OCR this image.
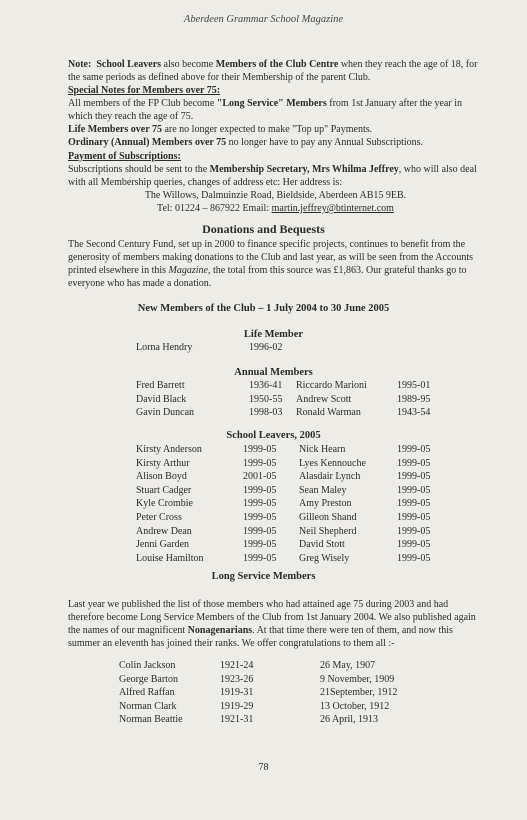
Aberdeen Grammar School Magazine
Note: School Leavers also become Members of the Club Centre when they reach the age of 18, for the same periods as defined above for their Membership of the parent Club.
Special Notes for Members over 75:
All members of the FP Club become "Long Service" Members from 1st January after the year in which they reach the age of 75.
Life Members over 75 are no longer expected to make "Top up" Payments.
Ordinary (Annual) Members over 75 no longer have to pay any Annual Subscriptions.
Payment of Subscriptions:
Subscriptions should be sent to the Membership Secretary, Mrs Whilma Jeffrey, who will also deal with all Membership queries, changes of address etc: Her address is:
The Willows, Dalmuinzie Road, Bieldside, Aberdeen AB15 9EB.
Tel: 01224 – 867922 Email: martin.jeffrey@btinternet.com
Donations and Bequests
The Second Century Fund, set up in 2000 to finance specific projects, continues to benefit from the generosity of members making donations to the Club and last year, as will be seen from the Accounts printed elsewhere in this Magazine, the total from this source was £1,863. Our grateful thanks go to everyone who has made a donation.
New Members of the Club – 1 July 2004 to 30 June 2005
Life Member
Lorna Hendry	1996-02
Annual Members
Fred Barrett	1936-41 Riccardo Marioni	1995-01
David Black	1950-55 Andrew Scott	1989-95
Gavin Duncan	1998-03 Ronald Warman	1943-54
School Leavers, 2005
Kirsty Anderson	1999-05 Nick Hearn	1999-05
Kirsty Arthur	1999-05 Lyes Kennouche	1999-05
Alison Boyd	2001-05 Alasdair Lynch	1999-05
Stuart Cadger	1999-05 Sean Maley	1999-05
Kyle Crombie	1999-05 Amy Preston	1999-05
Peter Cross	1999-05 Gilleon Shand	1999-05
Andrew Dean	1999-05 Neil Shepherd	1999-05
Jenni Garden	1999-05 David Stott	1999-05
Louise Hamilton	1999-05 Greg Wisely	1999-05
Long Service Members
Last year we published the list of those members who had attained age 75 during 2003 and had therefore become Long Service Members of the Club from 1st January 2004. We also published again the names of our magnificent Nonagenarians. At that time there were ten of them, and now this summer an eleventh has joined their ranks. We offer congratulations to them all :-
Colin Jackson	1921-24	26 May, 1907
George Barton	1923-26	9 November, 1909
Alfred Raffan	1919-31	21September, 1912
Norman Clark	1919-29	13 October, 1912
Norman Beattie	1921-31	26 April, 1913
78
